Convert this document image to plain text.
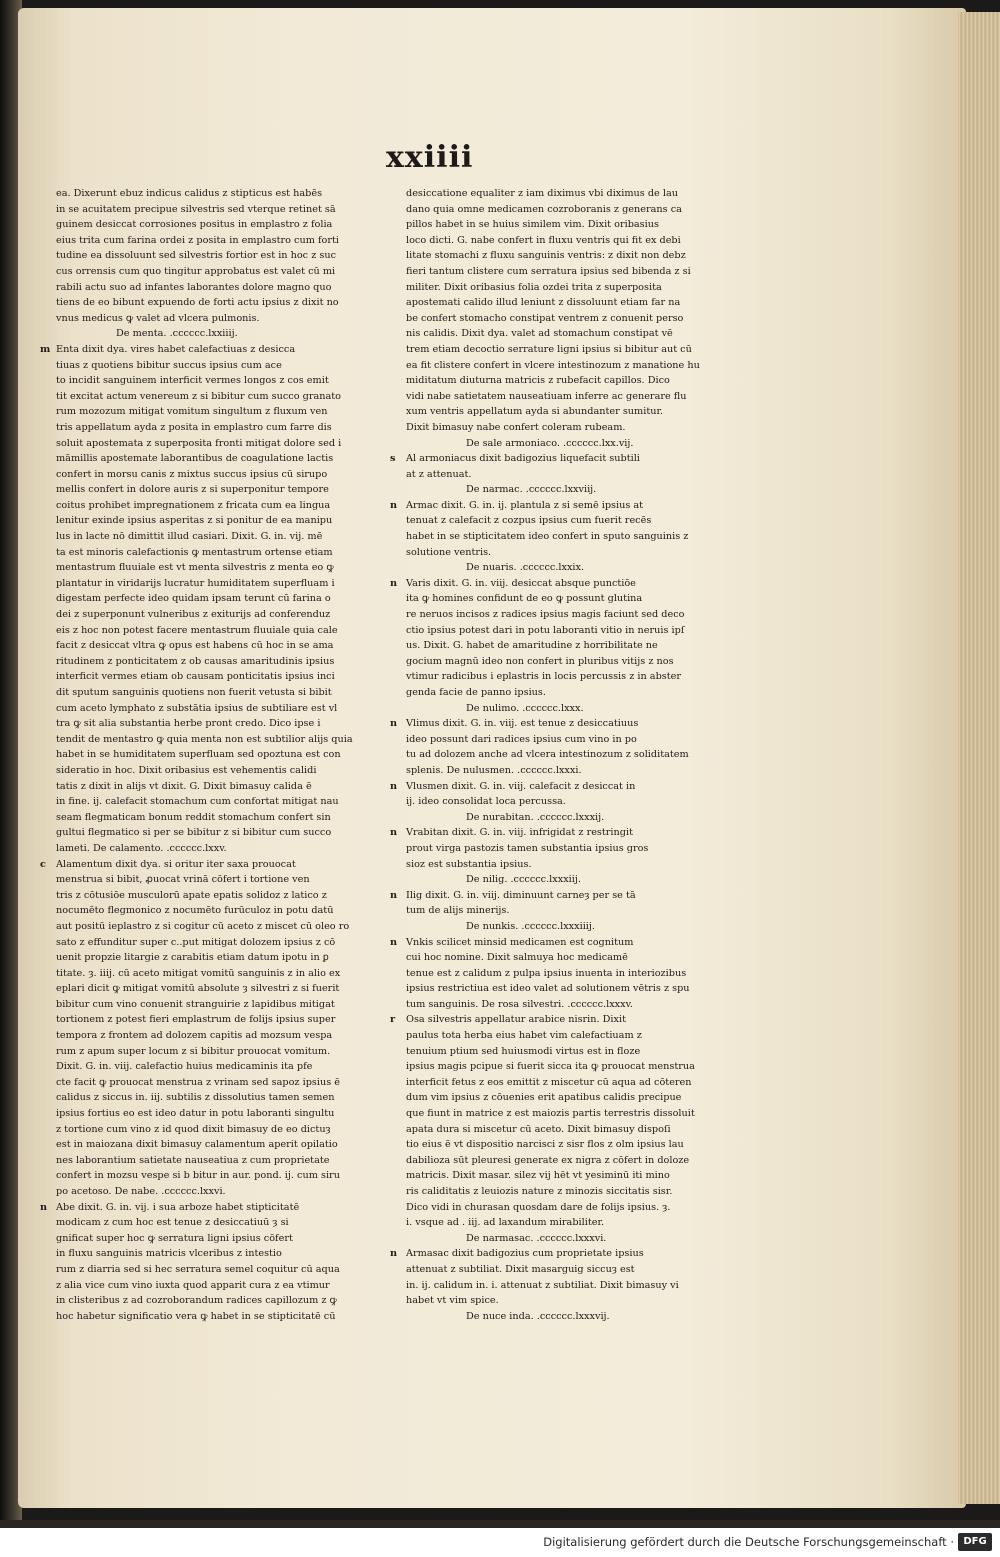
xxiiii
ea. Dixerunt ebuz indicus calidus z stipticus est habēs
in se acuitatem precipue silvestris sed vterque retinet sā
guinem desiccat corrosiones positus in emplastro z folia
eius trita cum farina ordei z posita in emplastro cum forti
tudine ea dissoluunt sed silvestris fortior est in hoc z suc
cus orrensis cum quo tingitur approbatus est valet cū mi
rabili actu suo ad infantes laborantes dolore magno quo
tiens de eo bibunt expuendo de forti actu ipsius z dixit no
vnus medicus ꝙ valet ad vlcera pulmonis.
De menta. .cccccc.lxxiiij.
m Enta dixit dya. vires habet calefactiuas z desicca
tiuas z quotiens bibitur succus ipsius cum ace
to incidit sanguinem interficit vermes longos z cos emit
tit excitat actum venereum z si bibitur cum succo granato
rum mozozum mitigat vomitum singultum z fluxum ven
tris appellatum ayda z posita in emplastro cum farre dis
soluit apostemata z superposita fronti mitigat dolore sed i
māmillis apostemate laborantibus de coagulatione lactis
confert in morsu canis z mixtus succus ipsius cū sirupo
mellis confert in dolore auris z si superponitur tempore
coitus prohibet impregnationem z fricata cum ea lingua
lenitur exinde ipsius asperitas z si ponitur de ea manipu
lus in lacte nō dimittit illud casiari. Dixit. G. in. vij. mē
ta est minoris calefactionis ꝙ mentastrum ortense etiam
mentastrum fluuiale est vt menta silvestris z menta eo ꝙ
plantatur in viridarijs lucratur humiditatem superfluam i
digestam perfecte ideo quidam ipsam terunt cū farina o
dei z superponunt vulneribus z exiturijs ad conferenduz
eis z hoc non potest facere mentastrum fluuiale quia cale
facit z desiccat vltra ꝙ opus est habens cū hoc in se ama
ritudinem z ponticitatem z ob causas amaritudinis ipsius
interficit vermes etiam ob causam ponticitatis ipsius inci
dit sputum sanguinis quotiens non fuerit vetusta si bibit
cum aceto lymphato z substātia ipsius de subtiliare est vl
tra ꝙ sit alia substantia herbe pront credo. Dico ipse i
tendit de mentastro ꝙ quia menta non est subtilior alijs quia
habet in se humiditatem superfluam sed opoztuna est con
sideratio in hoc. Dixit oribasius est vehementis calidi
tatis z dixit in alijs vt dixit. G. Dixit bimasuy calida ē
in fine. ij. calefacit stomachum cum confortat mitigat nau
seam flegmaticam bonum reddit stomachum confert sin
gultui flegmatico si per se bibitur z si bibitur cum succo
lameti. De calamento. .cccccc.lxxv.
c Alamentum dixit dya. si oritur iter saxa prouocat
menstrua si bibit, ꝓuocat vrinā cōfert i tortione ven
tris z cōtusiōe musculorū apate epatis solidoz z latico z
nocumēto flegmonico z nocumēto furūculoz in potu datū
aut positū ieplastro z si cogitur cū aceto z miscet cū oleo ro
sato z effunditur super c..put mitigat dolozem ipsius z cō
uenit propzie litargie z carabitis etiam datum ipotu in ꝑ
titate. ȝ. iiij. cū aceto mitigat vomitū sanguinis z in alio ex
eplari dicit ꝙ mitigat vomitū absolute ȝ silvestri z si fuerit
bibitur cum vino conuenit stranguirie z lapidibus mitigat
tortionem z potest fieri emplastrum de folijs ipsius super
tempora z frontem ad dolozem capitis ad mozsum vespa
rum z apum super locum z si bibitur prouocat vomitum.
Dixit. G. in. viij. calefactio huius medicaminis ita pfe
cte facit ꝙ prouocat menstrua z vrinam sed sapoz ipsius ē
calidus z siccus in. iij. subtilis z dissolutius tamen semen
ipsius fortius eo est ideo datur in potu laboranti singultu
z tortione cum vino z id quod dixit bimasuy de eo dictuȝ
est in maiozana dixit bimasuy calamentum aperit opilatio
nes laborantium satietate nauseatiua z cum proprietate
confert in mozsu vespe si b bitur in aur. pond. ij. cum siru
po acetoso. De nabe. .cccccc.lxxvi.
n Abe dixit. G. in. vij. i sua arboze habet stipticitatē
modicam z cum hoc est tenue z desiccatiuū ȝ si
gnificat super hoc ꝙ serratura ligni ipsius cōfert
in fluxu sanguinis matricis vlceribus z intestio
rum z diarria sed si hec serratura semel coquitur cū aqua
z alia vice cum vino iuxta quod apparit cura z ea vtimur
in clisteribus z ad cozroborandum radices capillozum z ꝙ
hoc habetur significatio vera ꝙ habet in se stipticitatē cū
desiccatione equaliter z iam diximus vbi diximus de lau
dano quia omne medicamen cozroboranis z generans ca
pillos habet in se huius similem vim. Dixit oribasius
loco dicti. G. nabe confert in fluxu ventris qui fit ex debi
litate stomachi z fluxu sanguinis ventris: z dixit non debz
fieri tantum clistere cum serratura ipsius sed bibenda z si
militer. Dixit oribasius folia ozdei trita z superposita
apostemati calido illud leniunt z dissoluunt etiam far na
be confert stomacho constipat ventrem z conuenit perso
nis calidis. Dixit dya. valet ad stomachum constipat vē
trem etiam decoctio serrature ligni ipsius si bibitur aut cū
ea fit clistere confert in vlcere intestinozum z manatione hu
miditatum diuturna matricis z rubefacit capillos. Dico
vidi nabe satietatem nauseatiuam inferre ac generare flu
xum ventris appellatum ayda si abundanter sumitur.
Dixit bimasuy nabe confert coleram rubeam.
De sale armoniaco. .cccccc.lxx.vij.
s Al armoniacus dixit badigozius liquefacit subtili
at z attenuat.
De narmac. .cccccc.lxxviij.
n Armac dixit. G. in. ij. plantula z si semē ipsius at
tenuat z calefacit z cozpus ipsius cum fuerit recēs
habet in se stipticitatem ideo confert in sputo sanguinis z
solutione ventris.
De nuaris. .cccccc.lxxix.
n Varis dixit. G. in. viij. desiccat absque punctiōe
ita ꝙ homines confidunt de eo ꝙ possunt glutina
re neruos incisos z radices ipsius magis faciunt sed deco
ctio ipsius potest dari in potu laboranti vitio in neruis ipſ
us. Dixit. G. habet de amaritudine z horribilitate ne
gocium magnū ideo non confert in pluribus vitijs z nos
vtimur radicibus i eplastris in locis percussis z in abster
genda facie de panno ipsius.
De nulimo. .cccccc.lxxx.
n Vlimus dixit. G. in. viij. est tenue z desiccatiuus
ideo possunt dari radices ipsius cum vino in po
tu ad dolozem anche ad vlcera intestinozum z soliditatem
splenis. De nulusmen. .cccccc.lxxxi.
n Vlusmen dixit. G. in. viij. calefacit z desiccat in
ij. ideo consolidat loca percussa.
De nurabitan. .cccccc.lxxxij.
n Vrabitan dixit. G. in. viij. infrigidat z restringit
prout virga pastozis tamen substantia ipsius gros
sioz est substantia ipsius.
De nilig. .cccccc.lxxxiij.
n Ilig dixit. G. in. viij. diminuunt carneȝ per se tā
tum de alijs minerijs.
De nunkis. .cccccc.lxxxiiij.
n Vnkis scilicet minsid medicamen est cognitum
cui hoc nomine. Dixit salmuya hoc medicamē
tenue est z calidum z pulpa ipsius inuenta in interiozibus
ipsius restrictiua est ideo valet ad solutionem vētris z spu
tum sanguinis. De rosa silvestri. .cccccc.lxxxv.
r Osa silvestris appellatur arabice nisrin. Dixit
paulus tota herba eius habet vim calefactiuam z
tenuium ptium sed huiusmodi virtus est in floze
ipsius magis pcipue si fuerit sicca ita ꝙ prouocat menstrua
interficit fetus z eos emittit z miscetur cū aqua ad cōteren
dum vim ipsius z cōuenies erit apatibus calidis precipue
que fiunt in matrice z est maiozis partis terrestris dissoluit
apata dura si miscetur cū aceto. Dixit bimasuy dispoſi
tio eius ē vt dispositio narcisci z sisr flos z olm ipsius lau
dabilioza sūt pleuresi generate ex nigra z cōfert in doloze
matricis. Dixit masar. silez vij hēt vt yesiminū iti mino
ris caliditatis z leuiozis nature z minozis siccitatis sisr.
Dico vidi in churasan quosdam dare de folijs ipsius. ȝ.
i. vsque ad . iij. ad laxandum mirabiliter.
De narmasac. .cccccc.lxxxvi.
n Armasac dixit badigozius cum proprietate ipsius
attenuat z subtiliat. Dixit masarguig siccuȝ est
in. ij. calidum in. i. attenuat z subtiliat. Dixit bimasuy vi
habet vt vim spice.
De nuce inda. .cccccc.lxxxvij.
Digitalisierung gefördert durch die Deutsche Forschungsgemeinschaft · DFG
